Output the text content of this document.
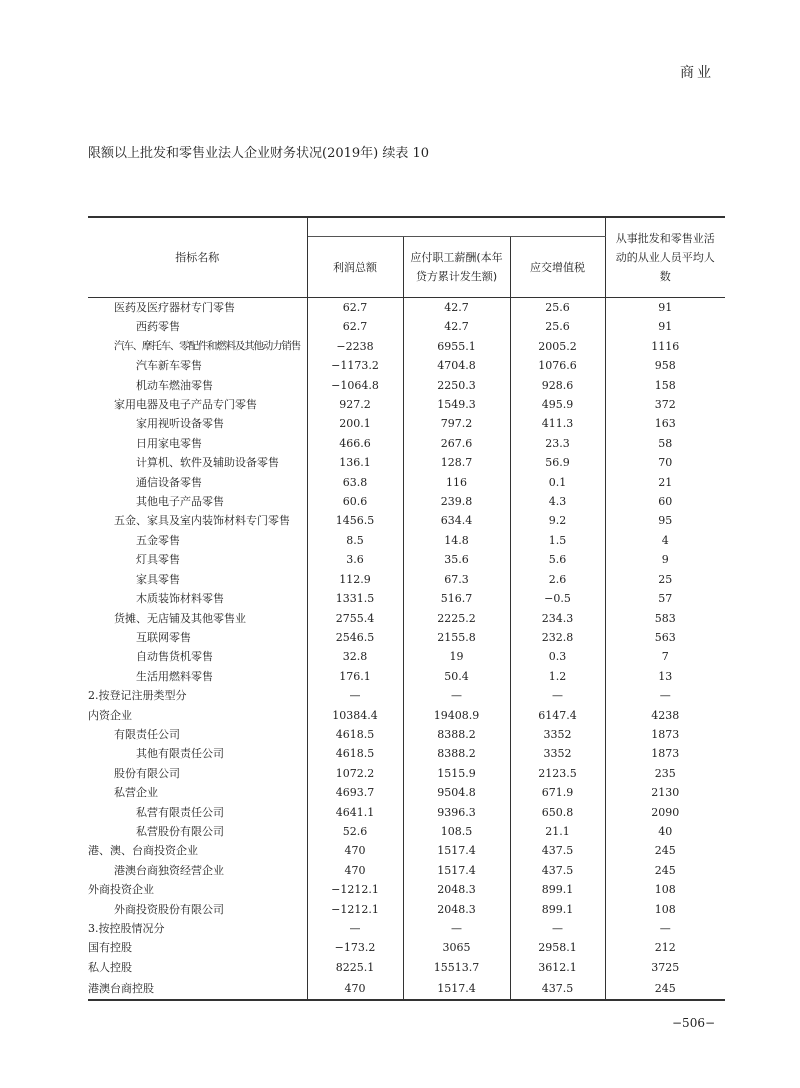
商业
限额以上批发和零售业法人企业财务状况(2019年) 续表 10
指标名称				从事批发和零售业活动的从业人员平均人数
	利润总额	应付职工薪酬(本年贷方累计发生额)	应交增值税	
医药及医疗器材专门零售	62.7	42.7	25.6	91
西药零售	62.7	42.7	25.6	91
汽车、摩托车、零配件和燃料及其他动力销售	−2238	6955.1	2005.2	1116
汽车新车零售	−1173.2	4704.8	1076.6	958
机动车燃油零售	−1064.8	2250.3	928.6	158
家用电器及电子产品专门零售	927.2	1549.3	495.9	372
家用视听设备零售	200.1	797.2	411.3	163
日用家电零售	466.6	267.6	23.3	58
计算机、软件及辅助设备零售	136.1	128.7	56.9	70
通信设备零售	63.8	116	0.1	21
其他电子产品零售	60.6	239.8	4.3	60
五金、家具及室内装饰材料专门零售	1456.5	634.4	9.2	95
五金零售	8.5	14.8	1.5	4
灯具零售	3.6	35.6	5.6	9
家具零售	112.9	67.3	2.6	25
木质装饰材料零售	1331.5	516.7	−0.5	57
货摊、无店铺及其他零售业	2755.4	2225.2	234.3	583
互联网零售	2546.5	2155.8	232.8	563
自动售货机零售	32.8	19	0.3	7
生活用燃料零售	176.1	50.4	1.2	13
2.按登记注册类型分	—	—	—	—
内资企业	10384.4	19408.9	6147.4	4238
有限责任公司	4618.5	8388.2	3352	1873
其他有限责任公司	4618.5	8388.2	3352	1873
股份有限公司	1072.2	1515.9	2123.5	235
私营企业	4693.7	9504.8	671.9	2130
私营有限责任公司	4641.1	9396.3	650.8	2090
私营股份有限公司	52.6	108.5	21.1	40
港、澳、台商投资企业	470	1517.4	437.5	245
港澳台商独资经营企业	470	1517.4	437.5	245
外商投资企业	−1212.1	2048.3	899.1	108
外商投资股份有限公司	−1212.1	2048.3	899.1	108
3.按控股情况分	—	—	—	—
国有控股	−173.2	3065	2958.1	212
私人控股	8225.1	15513.7	3612.1	3725
港澳台商控股	470	1517.4	437.5	245
−506−
